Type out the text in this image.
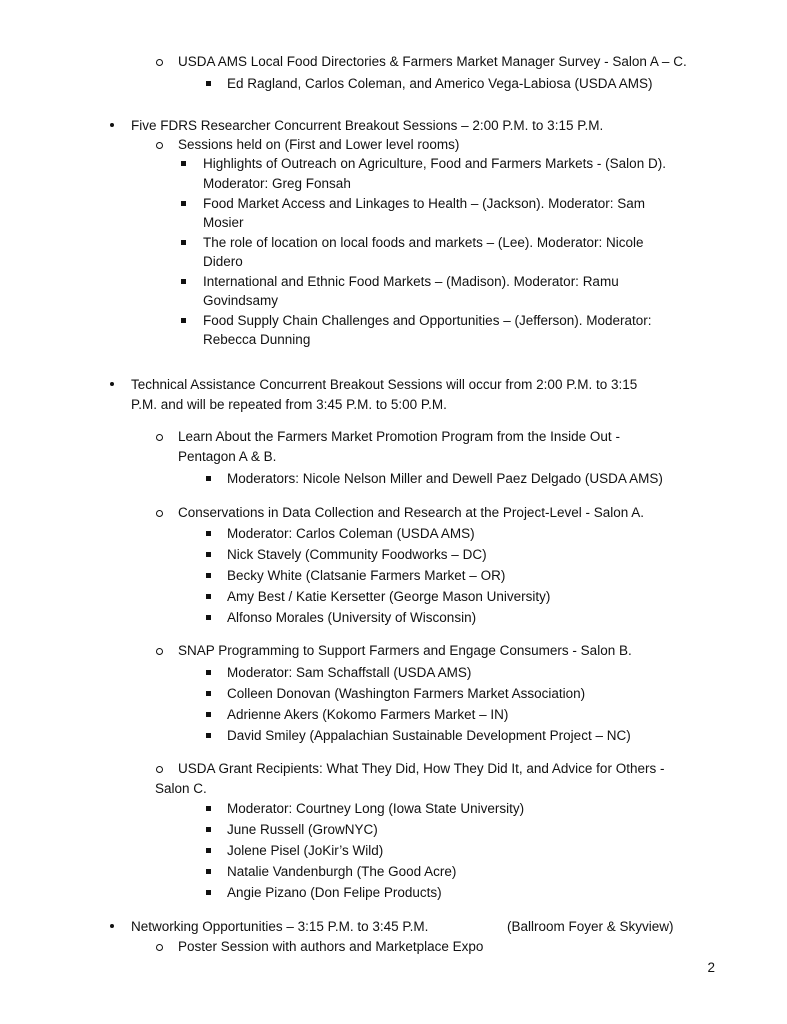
USDA AMS Local Food Directories & Farmers Market Manager Survey - Salon A – C.
Ed Ragland, Carlos Coleman, and Americo Vega-Labiosa (USDA AMS)
Five FDRS Researcher Concurrent Breakout Sessions – 2:00 P.M. to 3:15 P.M.
Sessions held on (First and Lower level rooms)
Highlights of Outreach on Agriculture, Food and Farmers Markets - (Salon D).
Moderator: Greg Fonsah
Food Market Access and Linkages to Health – (Jackson). Moderator: Sam
Mosier
The role of location on local foods and markets – (Lee). Moderator: Nicole
Didero
International and Ethnic Food Markets – (Madison). Moderator: Ramu
Govindsamy
Food Supply Chain Challenges and Opportunities – (Jefferson). Moderator:
Rebecca Dunning
Technical Assistance Concurrent Breakout Sessions will occur from 2:00 P.M. to 3:15
P.M. and will be repeated from 3:45 P.M. to 5:00 P.M.
Learn About the Farmers Market Promotion Program from the Inside Out -
Pentagon A & B.
Moderators: Nicole Nelson Miller and Dewell Paez Delgado (USDA AMS)
Conservations in Data Collection and Research at the Project-Level - Salon A.
Moderator: Carlos Coleman (USDA AMS)
Nick Stavely (Community Foodworks – DC)
Becky White (Clatsanie Farmers Market – OR)
Amy Best / Katie Kersetter (George Mason University)
Alfonso Morales (University of Wisconsin)
SNAP Programming to Support Farmers and Engage Consumers - Salon B.
Moderator: Sam Schaffstall (USDA AMS)
Colleen Donovan (Washington Farmers Market Association)
Adrienne Akers (Kokomo Farmers Market – IN)
David Smiley (Appalachian Sustainable Development Project – NC)
USDA Grant Recipients: What They Did, How They Did It, and Advice for Others -
Salon C.
Moderator: Courtney Long (Iowa State University)
June Russell (GrowNYC)
Jolene Pisel (JoKir’s Wild)
Natalie Vandenburgh (The Good Acre)
Angie Pizano (Don Felipe Products)
Networking Opportunities – 3:15 P.M. to 3:45 P.M.	(Ballroom Foyer & Skyview)
Poster Session with authors and Marketplace Expo
2
